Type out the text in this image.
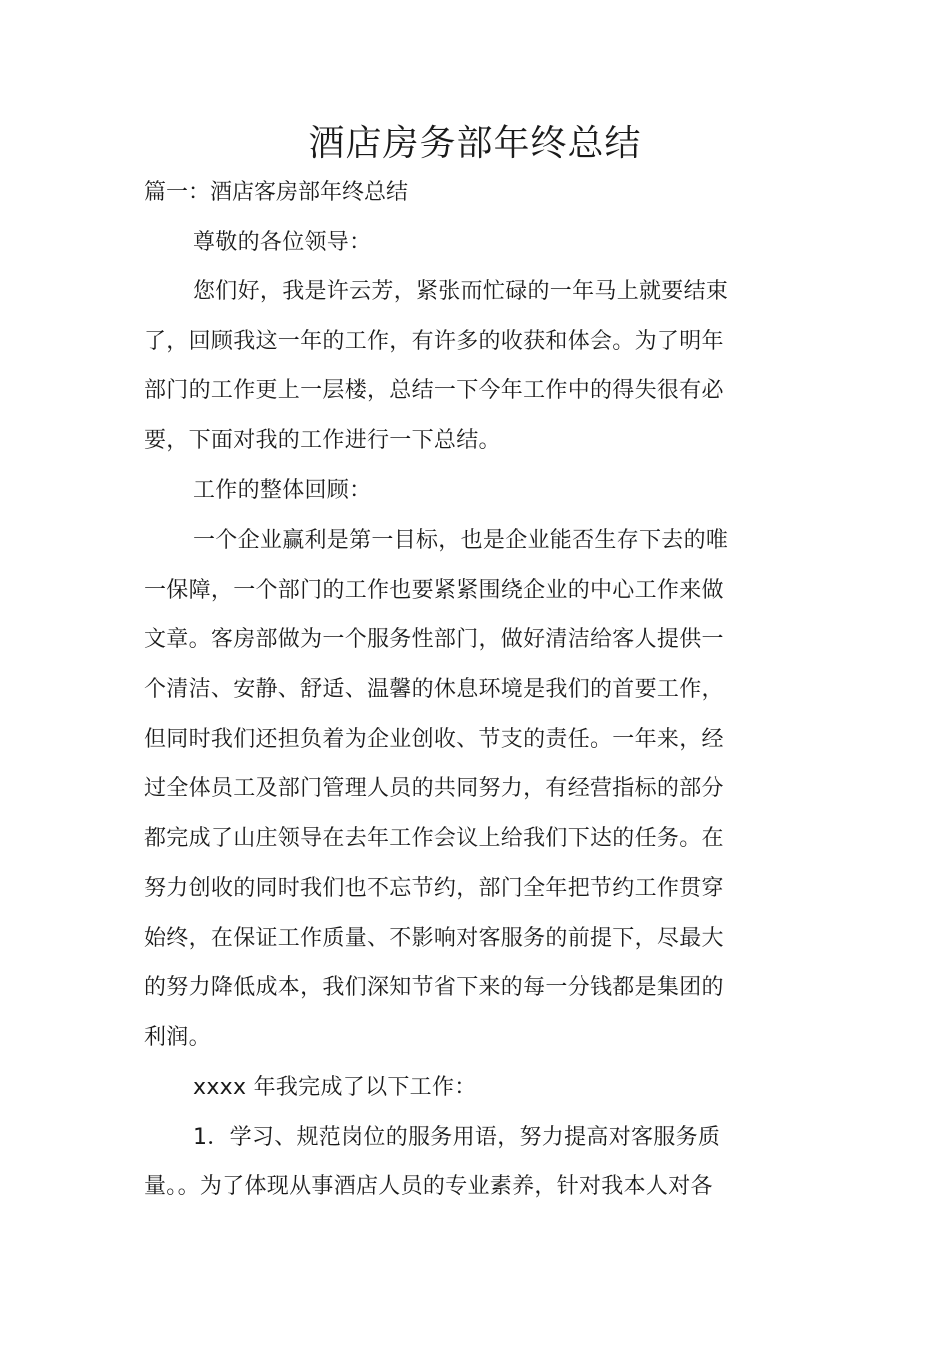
酒店房务部年终总结

篇一：酒店客房部年终总结

尊敬的各位领导：

您们好，我是许云芳，紧张而忙碌的一年马上就要结束

了，回顾我这一年的工作，有许多的收获和体会。为了明年

部门的工作更上一层楼，总结一下今年工作中的得失很有必

要，下面对我的工作进行一下总结。

工作的整体回顾：

一个企业赢利是第一目标，也是企业能否生存下去的唯

一保障，一个部门的工作也要紧紧围绕企业的中心工作来做

文章。客房部做为一个服务性部门，做好清洁给客人提供一

个清洁、安静、舒适、温馨的休息环境是我们的首要工作，

但同时我们还担负着为企业创收、节支的责任。一年来，经

过全体员工及部门管理人员的共同努力，有经营指标的部分

都完成了山庄领导在去年工作会议上给我们下达的任务。在

努力创收的同时我们也不忘节约，部门全年把节约工作贯穿

始终，在保证工作质量、不影响对客服务的前提下，尽最大

的努力降低成本，我们深知节省下来的每一分钱都是集团的

利润。

xxxx 年我完成了以下工作：

1．学习、规范岗位的服务用语，努力提高对客服务质

量。。为了体现从事酒店人员的专业素养，针对我本人对各
